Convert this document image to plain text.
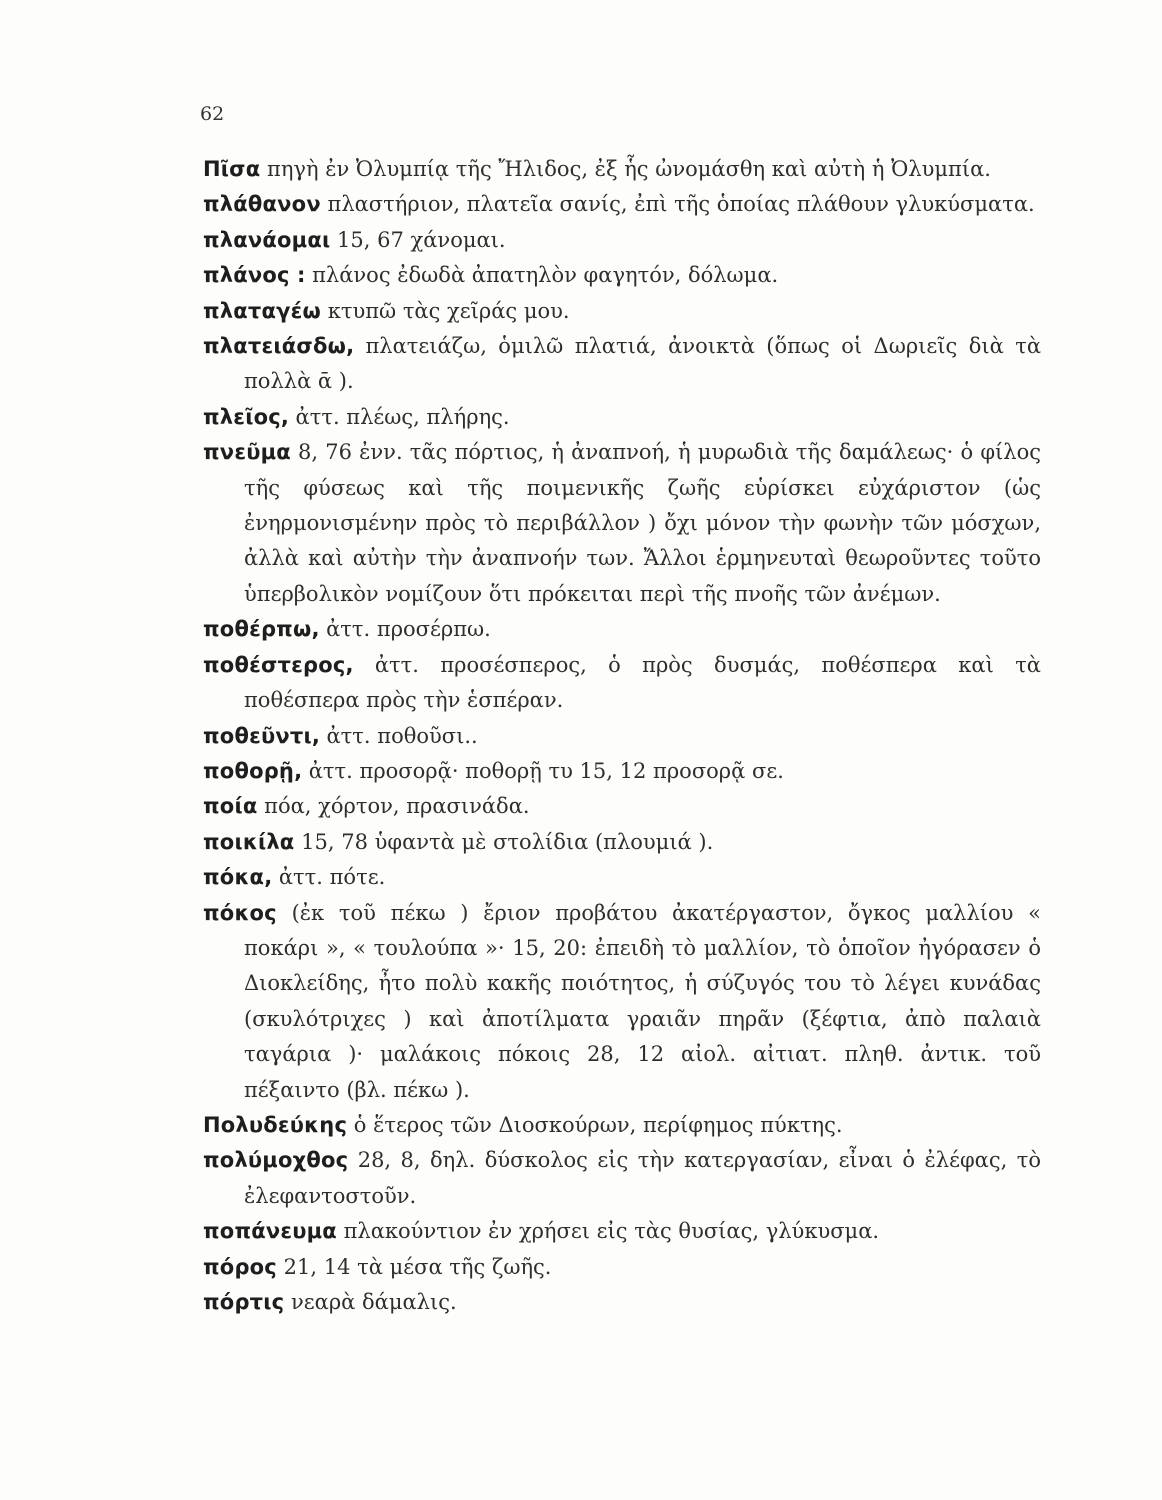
62

Πῖσα πηγὴ ἐν Ὀλυμπίᾳ τῆς Ἤλιδος, ἐξ ἧς ὠνομάσθη καὶ αὐτὴ ἡ Ὀλυμπία.

πλάθανον πλαστήριον, πλατεῖα σανίς, ἐπὶ τῆς ὁποίας πλάθουν γλυκύσματα.

πλανάομαι 15, 67 χάνομαι.

πλάνος : πλάνος ἐδωδὰ ἀπατηλὸν φαγητόν, δόλωμα.

πλαταγέω κτυπῶ τὰς χεῖράς μου.

πλατειάσδω, πλατειάζω, ὁμιλῶ πλατιά, ἀνοικτὰ (ὅπως οἱ Δωριεῖς διὰ τὰ πολλὰ ᾱ ).

πλεῖος, ἀττ. πλέως, πλήρης.

πνεῦμα 8, 76 ἐνν. τᾶς πόρτιος, ἡ ἀναπνοή, ἡ μυρωδιὰ τῆς δαμάλεως· ὁ φίλος τῆς φύσεως καὶ τῆς ποιμενικῆς ζωῆς εὑρίσκει εὐχάριστον (ὡς ἐνηρμονισμένην πρὸς τὸ περιβάλλον ) ὄχι μόνον τὴν φωνὴν τῶν μόσχων, ἀλλὰ καὶ αὐτὴν τὴν ἀναπνοήν των. Ἄλλοι ἑρμηνευταὶ θεωροῦντες τοῦτο ὑπερβολικὸν νομίζουν ὅτι πρόκειται περὶ τῆς πνοῆς τῶν ἀνέμων.

ποθέρπω, ἀττ. προσέρπω.

ποθέστερος, ἀττ. προσέσπερος, ὁ πρὸς δυσμάς, ποθέσπερα καὶ τὰ ποθέσπερα πρὸς τὴν ἑσπέραν.

ποθεῦντι, ἀττ. ποθοῦσι..

ποθορῇ, ἀττ. προσορᾷ· ποθορῇ τυ 15, 12 προσορᾷ σε.

ποία πόα, χόρτον, πρασινάδα.

ποικίλα 15, 78 ὑφαντὰ μὲ στολίδια (πλουμιά ).

πόκα, ἀττ. πότε.

πόκος (ἐκ τοῦ πέκω ) ἔριον προβάτου ἀκατέργαστον, ὄγκος μαλλίου « ποκάρι », « τουλούπα »· 15, 20: ἐπειδὴ τὸ μαλλίον, τὸ ὁποῖον ἠγόρασεν ὁ Διοκλείδης, ἦτο πολὺ κακῆς ποιότητος, ἡ σύζυγός του τὸ λέγει κυνάδας (σκυλότριχες ) καὶ ἀποτίλματα γραιᾶν πηρᾶν (ξέφτια, ἀπὸ παλαιὰ ταγάρια )· μαλάκοις πόκοις 28, 12 αἰολ. αἰτιατ. πληθ. ἀντικ. τοῦ πέξαιντο (βλ. πέκω ).

Πολυδεύκης ὁ ἕτερος τῶν Διοσκούρων, περίφημος πύκτης.

πολύμοχθος 28, 8, δηλ. δύσκολος εἰς τὴν κατεργασίαν, εἶναι ὁ ἐλέφας, τὸ ἐλεφαντοστοῦν.

ποπάνευμα πλακούντιον ἐν χρήσει εἰς τὰς θυσίας, γλύκυσμα.

πόρος 21, 14 τὰ μέσα τῆς ζωῆς.

πόρτις νεαρὰ δάμαλις.
